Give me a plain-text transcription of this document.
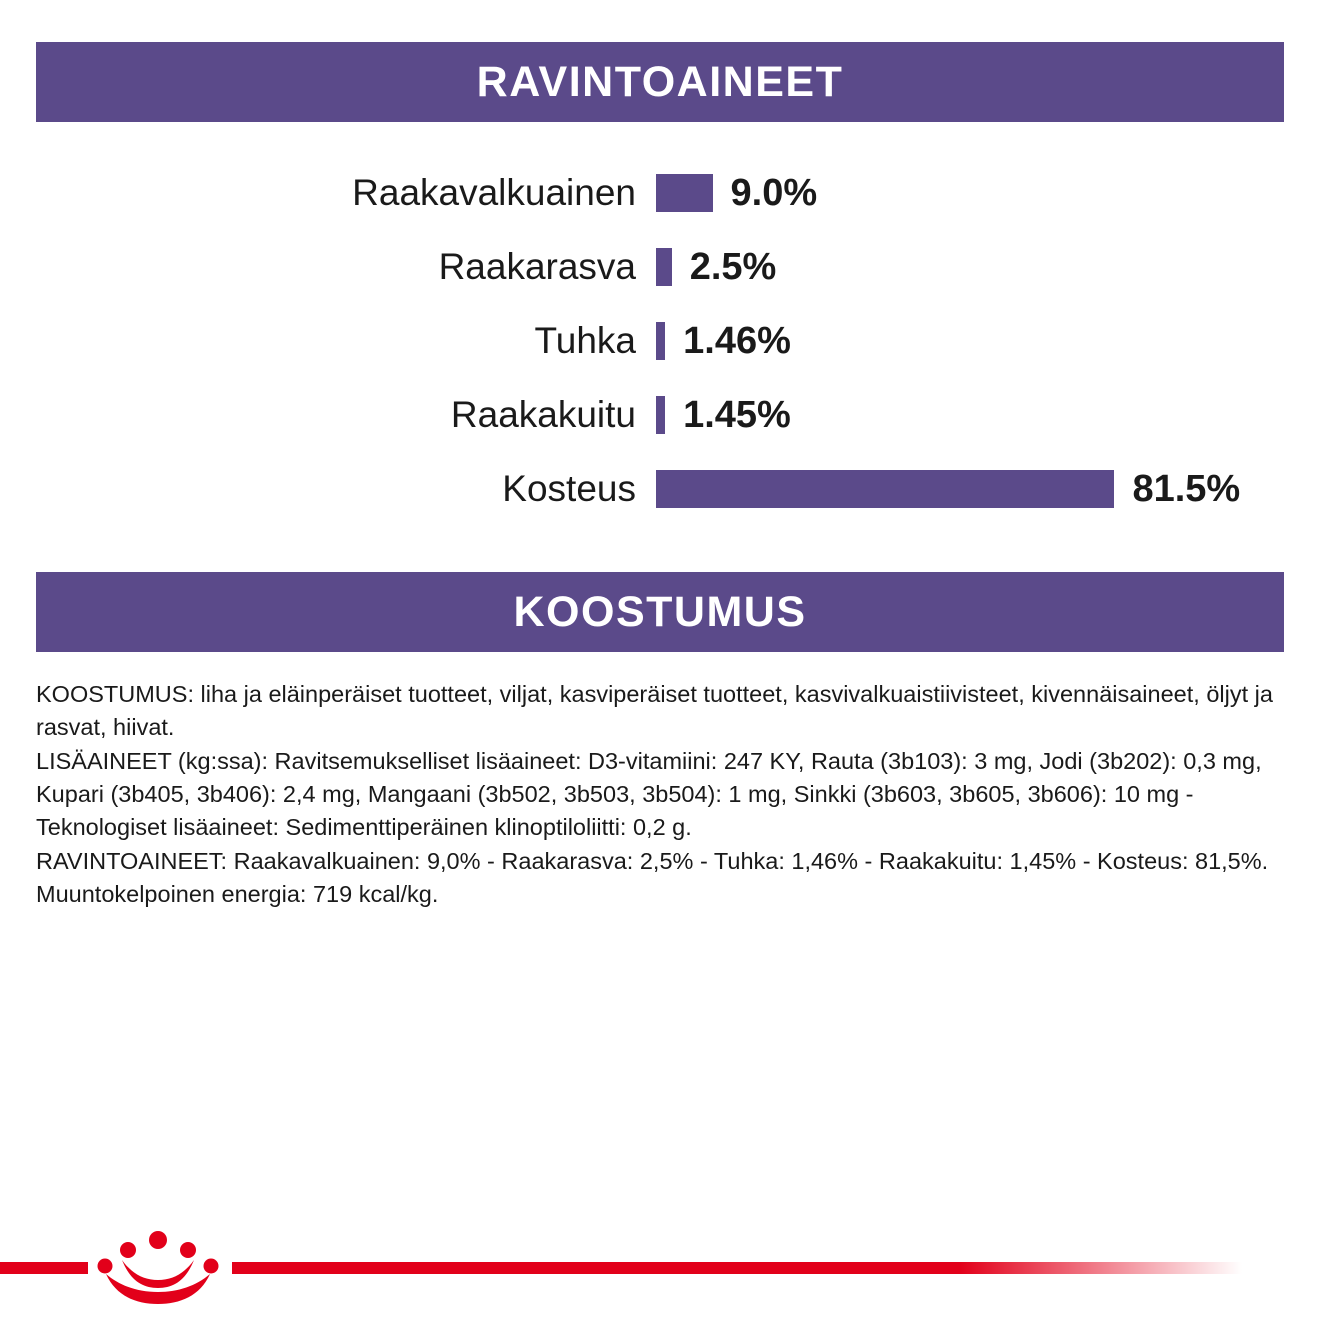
RAVINTOAINEET
Raakavalkuainen	9.0%
Raakarasva	2.5%
Tuhka	1.46%
Raakakuitu	1.45%
Kosteus	81.5%
KOOSTUMUS

KOOSTUMUS: liha ja eläinperäiset tuotteet, viljat, kasviperäiset tuotteet, kasvivalkuaistiivisteet, kivennäisaineet, öljyt ja rasvat, hiivat.

LISÄAINEET (kg:ssa): Ravitsemukselliset lisäaineet: D3-vitamiini: 247 KY, Rauta (3b103): 3 mg, Jodi (3b202): 0,3 mg, Kupari (3b405, 3b406): 2,4 mg, Mangaani (3b502, 3b503, 3b504): 1 mg, Sinkki (3b603, 3b605, 3b606): 10 mg - Teknologiset lisäaineet: Sedimenttiperäinen klinoptiloliitti: 0,2 g.

RAVINTOAINEET: Raakavalkuainen: 9,0% - Raakarasva: 2,5% - Tuhka: 1,46% - Raakakuitu: 1,45% - Kosteus: 81,5%. Muuntokelpoinen energia: 719 kcal/kg.
